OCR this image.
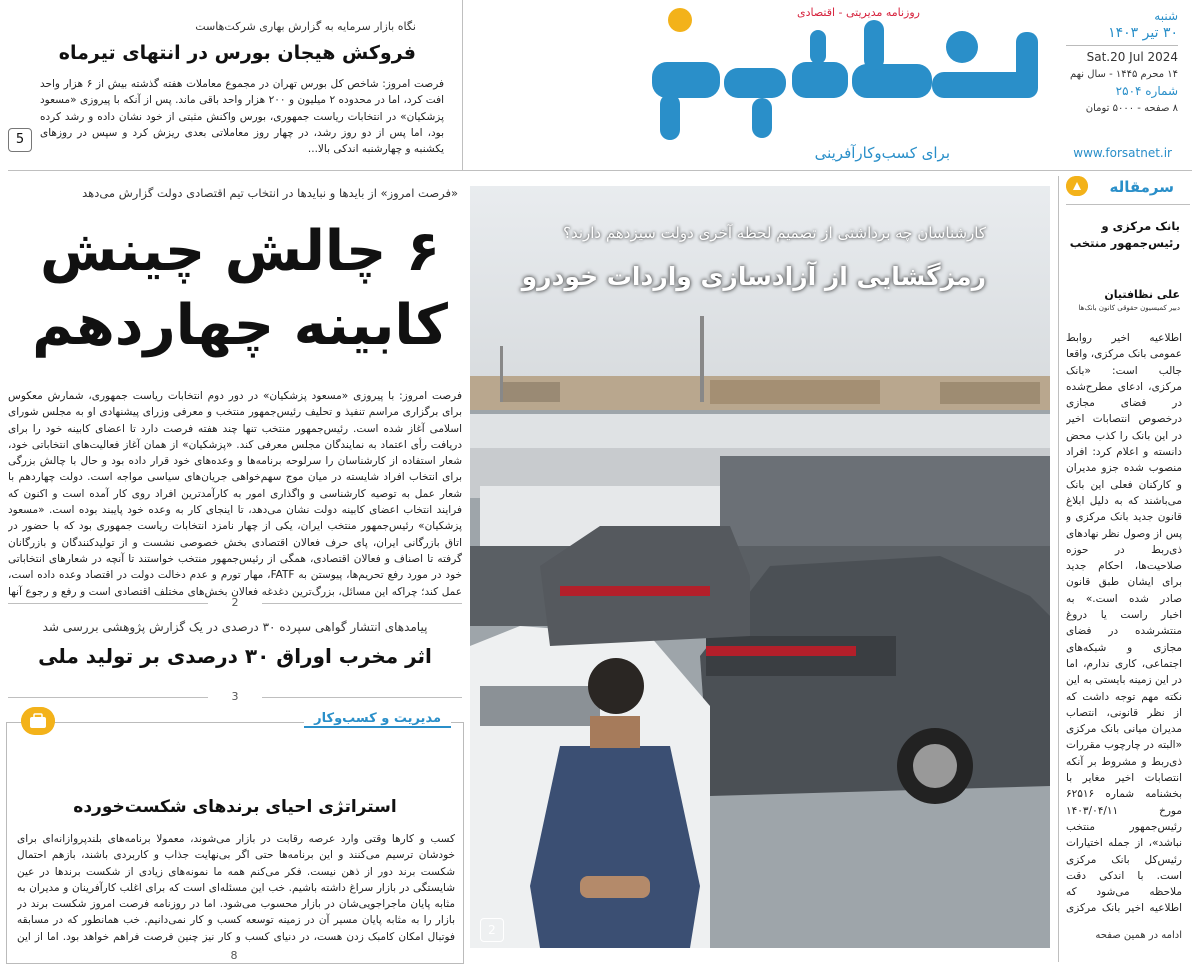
شنبه
۳۰ تیر ۱۴۰۳
Sat.20 Jul 2024
۱۴ محرم ۱۴۴۵ - سال نهم
شماره ۲۵۰۴
۸ صفحه - ۵۰۰۰ تومان
روزنامه مدیریتی - اقتصادی
برای کسب‌وکارآفرینی	www.forsatnet.ir
نگاه بازار سرمایه به گزارش بهاری شرکت‌هاست
فروکش هیجان بورس در انتهای تیرماه
فرصت امروز: شاخص کل بورس تهران در مجموع معاملات هفته گذشته بیش از ۶ هزار واحد افت کرد، اما در محدوده ۲ میلیون و ۲۰۰ هزار واحد باقی ماند. پس از آنکه با پیروزی «مسعود پزشکیان» در انتخابات ریاست جمهوری، بورس واکنش مثبتی از خود نشان داده و رشد کرده بود، اما پس از دو روز رشد، در چهار روز معاملاتی بعدی ریزش کرد و سپس در روزهای یکشنبه و چهارشنبه اندکی بالا...
5
«فرصت امروز» از بایدها و نبایدها در انتخاب تیم اقتصادی دولت گزارش می‌دهد
۶ چالش چینش
کابینه چهاردهم
فرصت امروز: با پیروزی «مسعود پزشکیان» در دور دوم انتخابات ریاست جمهوری، شمارش معکوس برای برگزاری مراسم تنفیذ و تحلیف رئیس‌جمهور منتخب و معرفی وزرای پیشنهادی او به مجلس شورای اسلامی آغاز شده است. رئیس‌جمهور منتخب تنها چند هفته فرصت دارد تا اعضای کابینه خود را برای دریافت رأی اعتماد به نمایندگان مجلس معرفی کند. «پزشکیان» از همان آغاز فعالیت‌های انتخاباتی خود، شعار استفاده از کارشناسان را سرلوحه برنامه‌ها و وعده‌های خود قرار داده بود و حال با چالش بزرگی برای انتخاب افراد شایسته در میان موج سهم‌خواهی جریان‌های سیاسی مواجه است. دولت چهاردهم با شعار عمل به توصیه کارشناسی و واگذاری امور به کارآمدترین افراد روی کار آمده است و اکنون که فرایند انتخاب اعضای کابینه دولت نشان می‌دهد، تا اینجای کار به وعده خود پایبند بوده است. «مسعود پزشکیان» رئیس‌جمهور منتخب ایران، یکی از چهار نامزد انتخابات ریاست جمهوری بود که با حضور در اتاق بازرگانی ایران، پای حرف فعالان اقتصادی بخش خصوصی نشست و از تولیدکنندگان و بازرگانان گرفته تا اصناف و فعالان اقتصادی، همگی از رئیس‌جمهور منتخب خواستند تا آنچه در شعارهای انتخاباتی خود در مورد رفع تحریم‌ها، پیوستن به FATF، مهار تورم و عدم دخالت دولت در اقتصاد وعده داده است، عمل کند؛ چراکه این مسائل، بزرگ‌ترین دغدغه فعالان بخش‌های مختلف اقتصادی است و رفع و رجوع آنها
2
پیامدهای انتشار گواهی سپرده ۳۰ درصدی در یک گزارش پژوهشی بررسی شد
اثر مخرب اوراق ۳۰ درصدی بر تولید ملی
3
مدیریت و کسب‌وکار
استراتژی احیای برندهای شکست‌خورده
کسب و کارها وقتی وارد عرصه رقابت در بازار می‌شوند، معمولا برنامه‌های بلندپروازانه‌ای برای خودشان ترسیم می‌کنند و این برنامه‌ها حتی اگر بی‌نهایت جذاب و کاربردی باشند، بازهم احتمال شکست برند دور از ذهن نیست. فکر می‌کنم همه ما نمونه‌های زیادی از شکست برندها در عین شایستگی در بازار سراغ داشته باشیم. خب این مسئله‌ای است که برای اغلب کارآفرینان و مدیران به مثابه پایان ماجراجویی‌شان در بازار محسوب می‌شود. اما در روزنامه فرصت امروز شکست برند در بازار را به مثابه پایان مسیر آن در زمینه توسعه کسب و کار نمی‌دانیم. خب همانطور که در مسابقه فوتبال امکان کامبک زدن هست، در دنیای کسب و کار نیز چنین فرصت فراهم خواهد بود. اما از این
8
کارشناسان چه برداشتی از تصمیم لحظه آخری دولت سیزدهم دارند؟
رمزگشایی از آزادسازی واردات خودرو
2
سرمقاله
بانک مرکزی و رئیس‌جمهور منتخب
علی نظافتیان
دبیر کمیسیون حقوقی کانون بانک‌ها
اطلاعیه اخیر روابط عمومی بانک مرکزی، واقعا جالب است: «بانک مرکزی، ادعای مطرح‌شده در فضای مجازی درخصوص انتصابات اخیر در این بانک را کذب محض دانسته و اعلام کرد: افراد منصوب شده جزو مدیران و کارکنان فعلی این بانک می‌باشند که به دلیل ابلاغ قانون جدید بانک مرکزی و پس از وصول نظر نهادهای ذی‌ربط در حوزه صلاحیت‌ها، احکام جدید برای ایشان طبق قانون صادر شده است.» به اخبار راست یا دروغ منتشرشده در فضای مجازی و شبکه‌های اجتماعی، کاری ندارم، اما در این زمینه بایستی به این نکته مهم توجه داشت که از نظر قانونی، انتصاب مدیران میانی بانک مرکزی «البته در چارچوب مقررات ذی‌ربط و مشروط بر آنکه انتصابات اخیر مغایر با بخشنامه شماره ۶۲۵۱۶ مورخ ۱۴۰۳/۰۴/۱۱ رئیس‌جمهور منتخب نباشد»، از جمله اختیارات رئیس‌کل بانک مرکزی است. با اندکی دقت ملاحظه می‌شود که اطلاعیه اخیر بانک مرکزی
ادامه در همین صفحه
